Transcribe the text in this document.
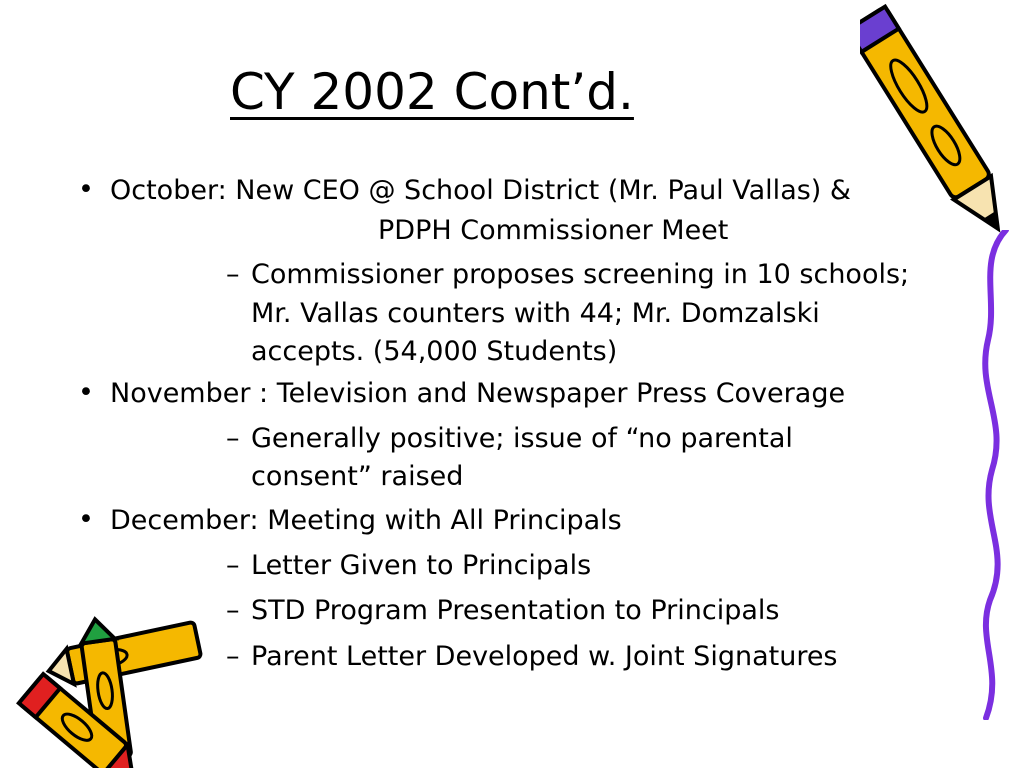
CY 2002 Cont’d.
• October: New CEO @ School District (Mr. Paul Vallas) &
PDPH Commissioner Meet
– Commissioner proposes screening in 10 schools;
Mr. Vallas counters with 44; Mr. Domzalski
accepts. (54,000 Students)
• November : Television and Newspaper Press Coverage
– Generally positive; issue of “no parental
consent” raised
• December: Meeting with All Principals
– Letter Given to Principals
– STD Program Presentation to Principals
– Parent Letter Developed w. Joint Signatures
